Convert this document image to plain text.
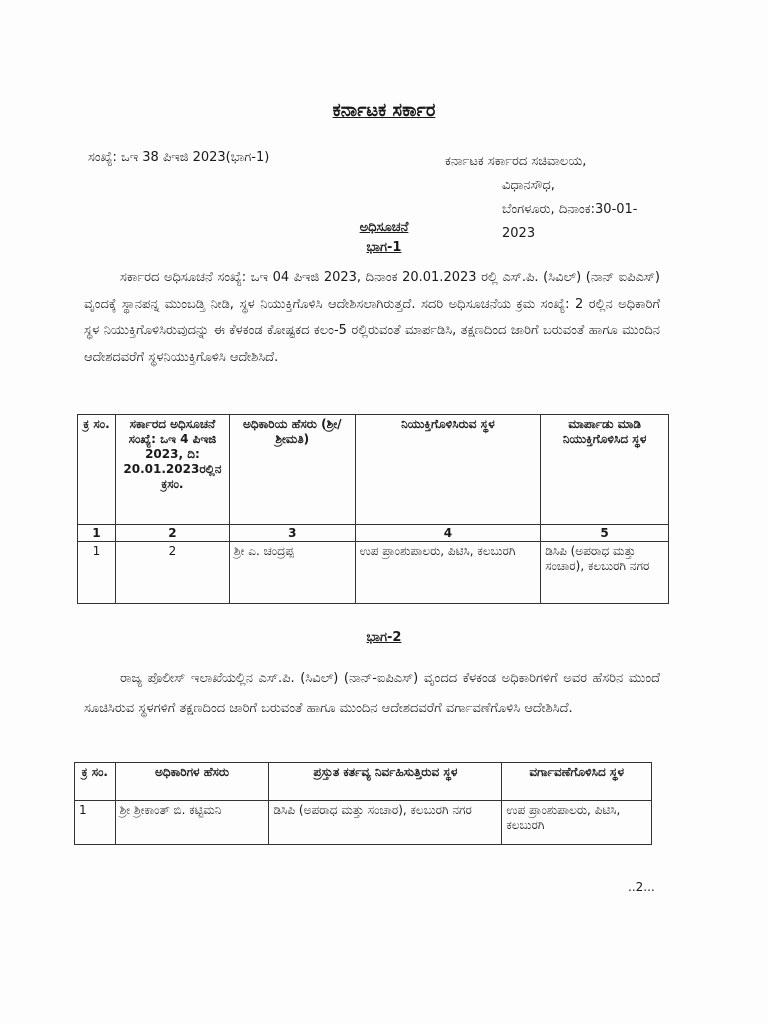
ಕರ್ನಾಟಕ ಸರ್ಕಾರ
ಸಂಖ್ಯೆ: ಒಇ 38 ಪಿಇಜಿ 2023(ಭಾಗ-1)	ಕರ್ನಾಟಕ ಸರ್ಕಾರದ ಸಚಿವಾಲಯ,
ವಿಧಾನಸೌಧ,
ಬೆಂಗಳೂರು, ದಿನಾಂಕ:30-01-2023
ಅಧಿಸೂಚನೆ
ಭಾಗ-1
ಸರ್ಕಾರದ ಅಧಿಸೂಚನೆ ಸಂಖ್ಯೆ: ಒಇ 04 ಪಿಇಜಿ 2023, ದಿನಾಂಕ 20.01.2023 ರಲ್ಲಿ ಎಸ್.ಪಿ. (ಸಿವಿಲ್) (ನಾನ್ ಐಪಿಎಸ್) ವೃಂದಕ್ಕೆ ಸ್ಥಾನಪನ್ನ ಮುಂಬಡ್ತಿ ನೀಡಿ, ಸ್ಥಳ ನಿಯುಕ್ತಿಗೊಳಿಸಿ ಆದೇಶಿಸಲಾಗಿರುತ್ತದೆ. ಸದರಿ ಅಧಿಸೂಚನೆಯ ಕ್ರಮ ಸಂಖ್ಯೆ: 2 ರಲ್ಲಿನ ಅಧಿಕಾರಿಗೆ ಸ್ಥಳ ನಿಯುಕ್ತಿಗೊಳಿಸಿರುವುದನ್ನು ಈ ಕೆಳಕಂಡ ಕೋಷ್ಟಕದ ಕಲಂ-5 ರಲ್ಲಿರುವಂತೆ ಮಾರ್ಪಡಿಸಿ, ತಕ್ಷಣದಿಂದ ಜಾರಿಗೆ ಬರುವಂತೆ ಹಾಗೂ ಮುಂದಿನ ಆದೇಶದವರೆಗೆ ಸ್ಥಳನಿಯುಕ್ತಿಗೊಳಿಸಿ ಆದೇಶಿಸಿದೆ.
ಕ್ರ ಸಂ.	ಸರ್ಕಾರದ ಅಧಿಸೂಚನೆ ಸಂಖ್ಯೆ: ಒಇ 4 ಪಿಇಜಿ 2023, ದಿ: 20.01.2023ರಲ್ಲಿನ ಕ್ರಸಂ.	ಅಧಿಕಾರಿಯ ಹೆಸರು (ಶ್ರೀ/ಶ್ರೀಮತಿ)	ನಿಯುಕ್ತಿಗೊಳಿಸಿರುವ ಸ್ಥಳ	ಮಾರ್ಪಾಡು ಮಾಡಿ ನಿಯುಕ್ತಿಗೊಳಿಸಿದ ಸ್ಥಳ
1	2	3	4	5
1	2	ಶ್ರೀ ಎ. ಚಂದ್ರಪ್ಪ	ಉಪ ಪ್ರಾಂಶುಪಾಲರು, ಪಿಟಿಸಿ, ಕಲಬುರಗಿ	ಡಿಸಿಪಿ (ಅಪರಾಧ ಮತ್ತು ಸಂಚಾರ), ಕಲಬುರಗಿ ನಗರ
ಭಾಗ-2
ರಾಜ್ಯ ಪೊಲೀಸ್ ಇಲಾಖೆಯಲ್ಲಿನ ಎಸ್.ಪಿ. (ಸಿವಿಲ್) (ನಾನ್-ಐಪಿಎಸ್) ವೃಂದದ ಕೆಳಕಂಡ ಅಧಿಕಾರಿಗಳಿಗೆ ಅವರ ಹೆಸರಿನ ಮುಂದೆ ಸೂಚಿಸಿರುವ ಸ್ಥಳಗಳಿಗೆ ತಕ್ಷಣದಿಂದ ಜಾರಿಗೆ ಬರುವಂತೆ ಹಾಗೂ ಮುಂದಿನ ಆದೇಶದವರೆಗೆ ವರ್ಗಾವಣೆಗೊಳಿಸಿ ಆದೇಶಿಸಿದೆ.
ಕ್ರ ಸಂ.	ಅಧಿಕಾರಿಗಳ ಹೆಸರು	ಪ್ರಸ್ತುತ ಕರ್ತವ್ಯ ನಿರ್ವಹಿಸುತ್ತಿರುವ ಸ್ಥಳ	ವರ್ಗಾವಣೆಗೊಳಿಸಿದ ಸ್ಥಳ
1	ಶ್ರೀ ಶ್ರೀಕಾಂತ್ ಬಿ. ಕಟ್ಟಿಮನಿ	ಡಿಸಿಪಿ (ಅಪರಾಧ ಮತ್ತು ಸಂಚಾರ), ಕಲಬುರಗಿ ನಗರ	ಉಪ ಪ್ರಾಂಶುಪಾಲರು, ಪಿಟಿಸಿ, ಕಲಬುರಗಿ
..2...
